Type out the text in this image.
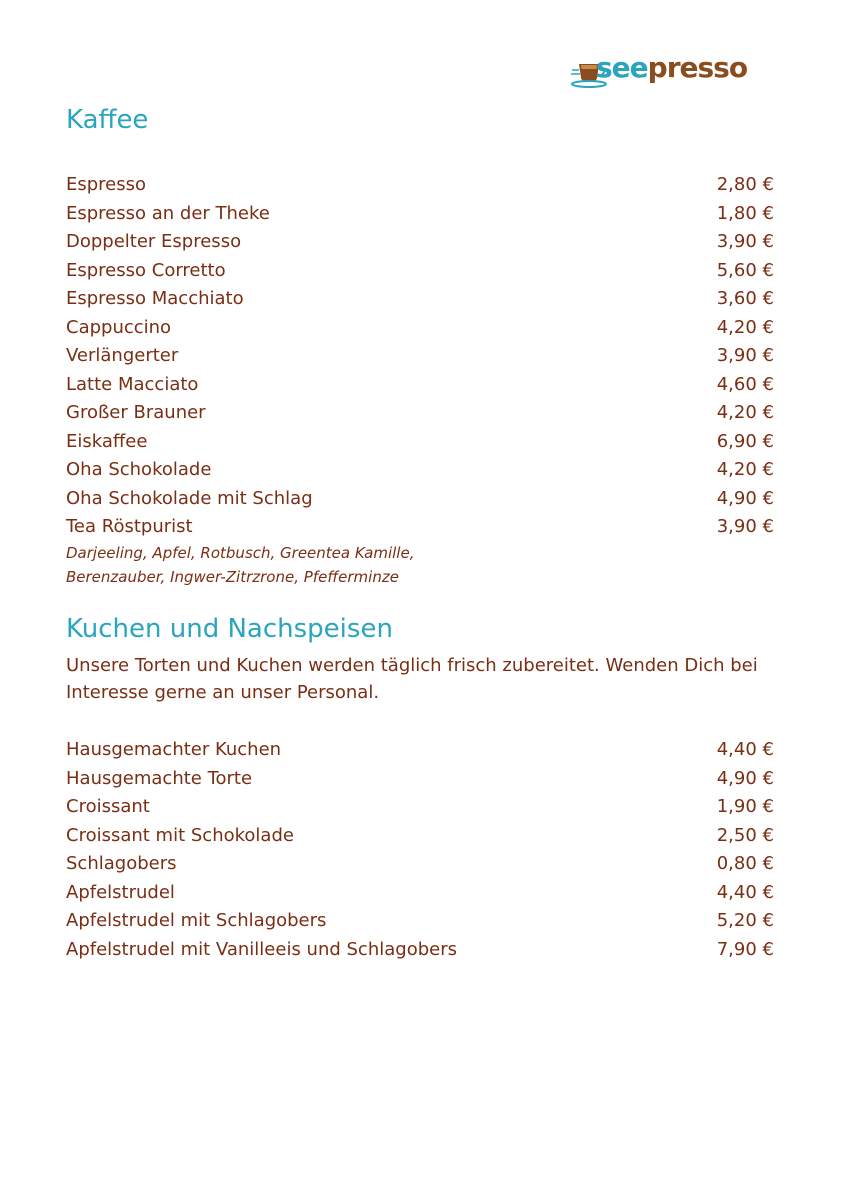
seepresso
Kaffee
Espresso	2,80 €
Espresso an der Theke	1,80 €
Doppelter Espresso	3,90 €
Espresso Corretto	5,60 €
Espresso Macchiato	3,60 €
Cappuccino	4,20 €
Verlängerter	3,90 €
Latte Macciato	4,60 €
Großer Brauner	4,20 €
Eiskaffee	6,90 €
Oha Schokolade	4,20 €
Oha Schokolade mit Schlag	4,90 €
Tea Röstpurist	3,90 €

Darjeeling, Apfel, Rotbusch, Greentea Kamille,
Berenzauber, Ingwer-Zitrzrone, Pfefferminze

Kuchen und Nachspeisen

Unsere Torten und Kuchen werden täglich frisch zubereitet. Wenden Dich bei
Interesse gerne an unser Personal.

Hausgemachter Kuchen	4,40 €
Hausgemachte Torte	4,90 €
Croissant	1,90 €
Croissant mit Schokolade	2,50 €
Schlagobers	0,80 €
Apfelstrudel	4,40 €
Apfelstrudel mit Schlagobers	5,20 €
Apfelstrudel mit Vanilleeis und Schlagobers	7,90 €
